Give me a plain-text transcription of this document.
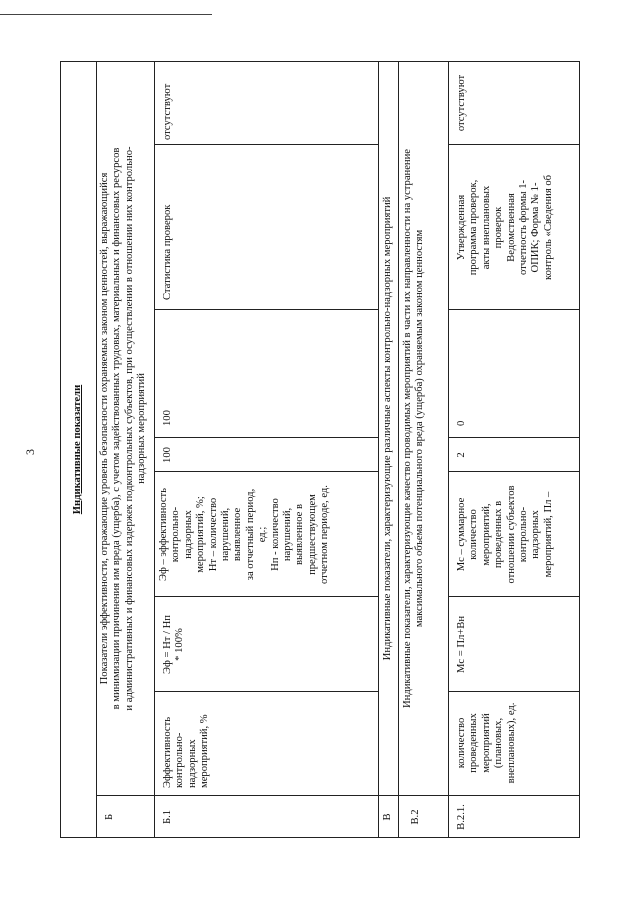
3	Индикативные показатели
Б
Показатели эффективности, отражающие уровень безопасности охраняемых законом ценностей, выражающийся в минимизации причинения им вреда (ущерба), с учетом задействованных трудовых, материальных и финансовых ресурсов и административных и финансовых издержек подконтрольных субъектов, при осуществлении в отношении них контрольно- надзорных мероприятий
Б.1
Эффективность контрольно- надзорных мероприятий, %
Эф = Нт / Нп * 100%
Эф – эффективность контрольно- надзорных мероприятий, %; Нт – количество нарушений, выявленное за отчетный период, ед.; Нп - количество нарушений, выявленное в предшествующем отчетном периоде, ед.
100
100
Статистика проверок
отсутствуют
В
Индикативные показатели, характеризующие различные аспекты контрольно-надзорных мероприятий
В.2
Индикативные показатели, характеризующие качество проводимых мероприятий в части их направленности на устранение максимального объема потенциального вреда (ущерба) охраняемым законом ценностям
В.2.1.
количество проведенных мероприятий (плановых, внеплановых), ед.
Мс = Пл+Вн
Мс – суммарное количество мероприятий, проведенных в отношении субъектов контрольно- надзорных мероприятий, Пл –
2
0
Утвержденная программа проверок, акты внеплановых проверок Ведомственная отчетность формы 1- ОПИК; Форма № 1- контроль «Сведения об
отсутствуют
